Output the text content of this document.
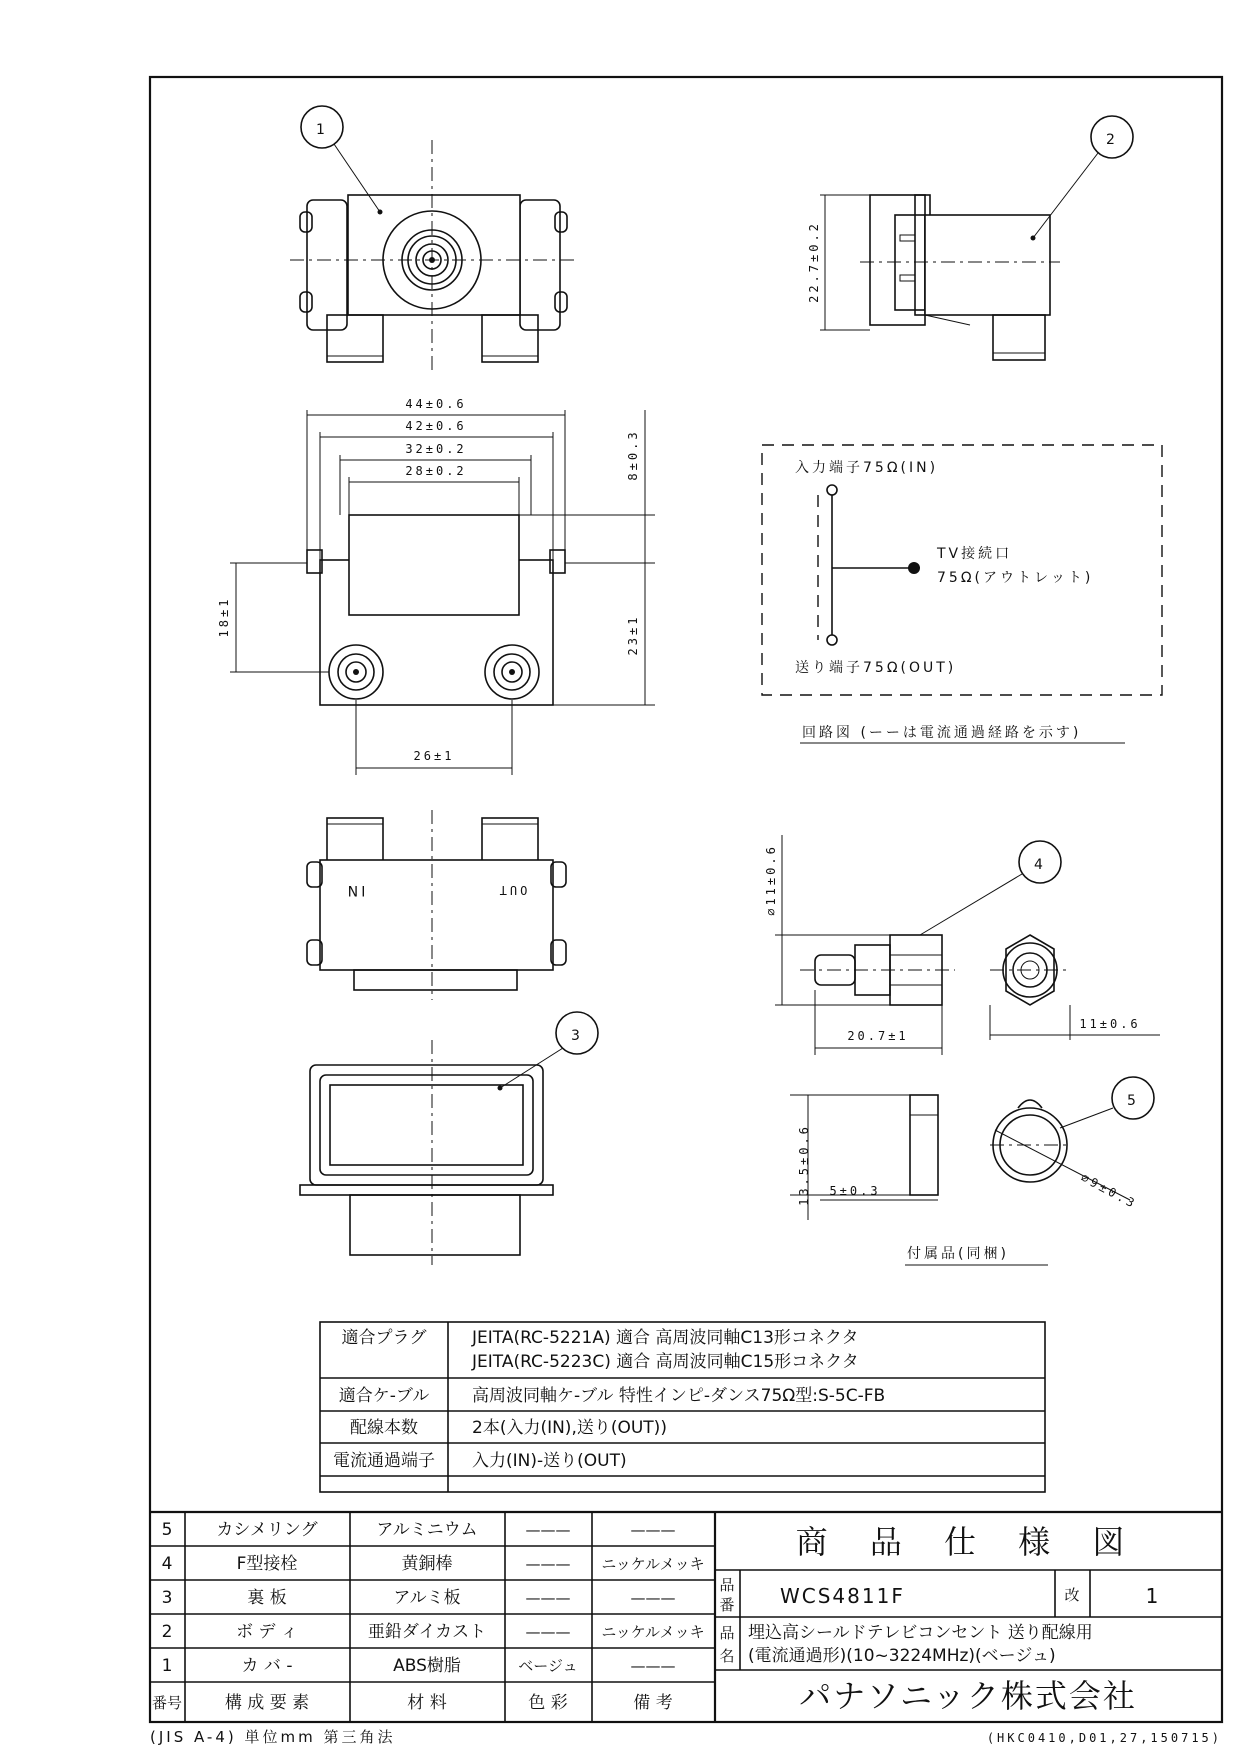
1
22.7±0.2
2
44±0.6
42±0.6
32±0.2
28±0.2	8±0.3
23±1
18±1
26±1
IN	OUT
3
入力端子75Ω(IN)
TV接続口
75Ω(アウトレット)
送り端子75Ω(OUT)
回路図 (ーーは電流通過経路を示す)
⌀11±0.6
20.7±1
11±0.6
4
13.5±0.6 5±0.3	⌀9±0.3
5
付属品(同梱)
適合プラグ	JEITA(RC-5221A) 適合 高周波同軸C13形コネクタ
JEITA(RC-5223C) 適合 高周波同軸C15形コネクタ
適合ケ-ブル	高周波同軸ケ-ブル 特性インピ-ダンス75Ω型:S-5C-FB
配線本数	2本(入力(IN),送り(OUT))
電流通過端子 入力(IN)-送り(OUT)
5	カシメリング	アルミニウム	———	———
4	F型接栓	黄銅棒	——— ニッケルメッキ
3	裏 板	アルミ板	———	———
2	ボ デ ィ	亜鉛ダイカスト	——— ニッケルメッキ
1	カ バ -	ABS樹脂	ベージュ	———
番号	構 成 要 素	材 料	色 彩	備 考
商 品 仕 様 図
品
番 WCS4811F	改	1
品
名
埋込高シールドテレビコンセント 送り配線用
(電流通過形)(10~3224MHz)(ベージュ)
パナソニック株式会社
(JIS A-4) 単位mm 第三角法	(HKC0410,D01,27,150715)
